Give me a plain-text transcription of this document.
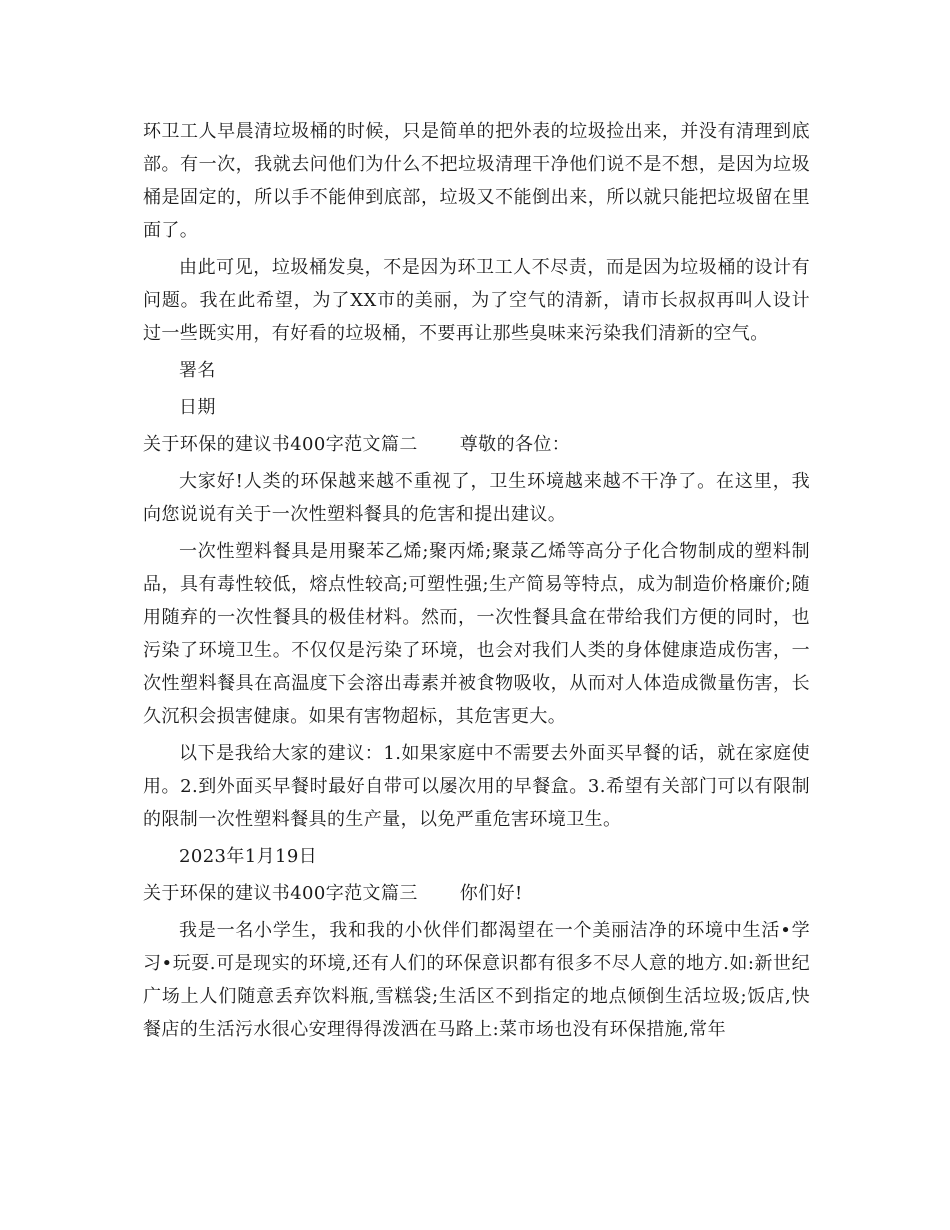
环卫工人早晨清垃圾桶的时候，只是简单的把外表的垃圾捡出来，并没有清理到底部。有一次，我就去问他们为什么不把垃圾清理干净他们说不是不想，是因为垃圾桶是固定的，所以手不能伸到底部，垃圾又不能倒出来，所以就只能把垃圾留在里面了。

由此可见，垃圾桶发臭，不是因为环卫工人不尽责，而是因为垃圾桶的设计有问题。我在此希望，为了XX市的美丽，为了空气的清新，请市长叔叔再叫人设计过一些既实用，有好看的垃圾桶，不要再让那些臭味来污染我们清新的空气。

署名

日期

关于环保的建议书400字范文篇二 尊敬的各位：

大家好!人类的环保越来越不重视了，卫生环境越来越不干净了。在这里，我向您说说有关于一次性塑料餐具的危害和提出建议。

一次性塑料餐具是用聚苯乙烯;聚丙烯;聚菉乙烯等高分子化合物制成的塑料制品，具有毒性较低，熔点性较高;可塑性强;生产简易等特点，成为制造价格廉价;随用随弃的一次性餐具的极佳材料。然而，一次性餐具盒在带给我们方便的同时，也污染了环境卫生。不仅仅是污染了环境，也会对我们人类的身体健康造成伤害，一次性塑料餐具在高温度下会溶出毒素并被食物吸收，从而对人体造成微量伤害，长久沉积会损害健康。如果有害物超标，其危害更大。

以下是我给大家的建议：1.如果家庭中不需要去外面买早餐的话，就在家庭使用。2.到外面买早餐时最好自带可以屡次用的早餐盒。3.希望有关部门可以有限制的限制一次性塑料餐具的生产量，以免严重危害环境卫生。

2023年1月19日

关于环保的建议书400字范文篇三 你们好!

我是一名小学生，我和我的小伙伴们都渴望在一个美丽洁净的环境中生活•学习•玩耍.可是现实的环境,还有人们的环保意识都有很多不尽人意的地方.如:新世纪广场上人们随意丢弃饮料瓶,雪糕袋;生活区不到指定的地点倾倒生活垃圾;饭店,快餐店的生活污水很心安理得得泼洒在马路上:菜市场也没有环保措施,常年
